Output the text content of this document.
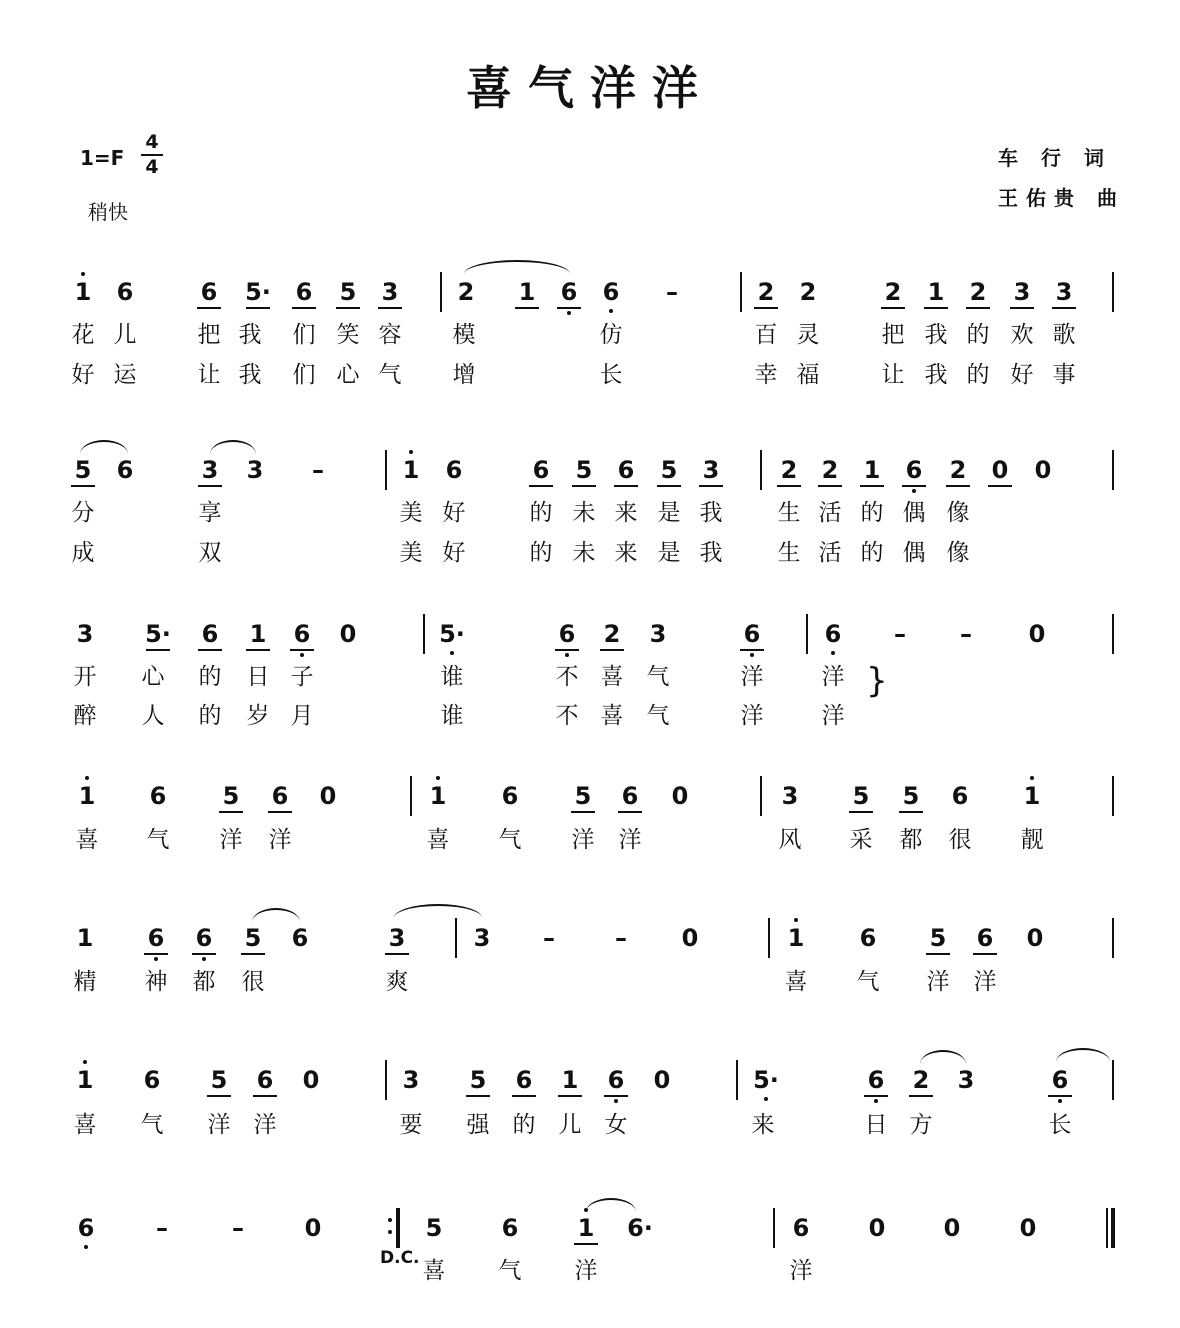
喜气洋洋
1=F
4
4
稍快
车 行 词
王佑贵 曲
D.C.
1 6	6 5· 6 5 3 2 1 6 6 –	2 2	2 1 2 3 3
花 儿	把 我 们 笑 容 模	仿	百 灵	把 我 的 欢 歌
好 运	让 我 们 心 气 增	长	幸 福	让 我 的 好 事
5 6	3 3 –	1 6	6 5 6 5 3	2 2 1 6 2 0 0
分	享	美 好	的 未 来 是 我 生 活 的 偶 像
成	双	美 好	的 未 来 是 我 生 活 的 偶 像
3 5· 6 1 6 0	5·	6 2 3	6	6 – – 0
开 心 的 日 子	谁	不 喜 气	洋	洋
醉 人 的 岁 月	谁	不 喜 气	洋	洋
1 6 5 6 0	1 6 5 6 0	3 5 5 6 1
喜 气 洋 洋	喜 气 洋 洋	风 采 都 很 靓
1 6 6 5 6	3	3 –	– 0	1 6 5 6 0
精 神 都 很	爽	喜 气 洋 洋
1 6 5 6 0	3 5 6 1 6 0	5·	6 2 3	6
喜 气 洋 洋	要 强 的 儿 女	来	日 方	长
6	–	–	0	5 6 1 6·	6 0 0 0
喜 气 洋	洋
}
